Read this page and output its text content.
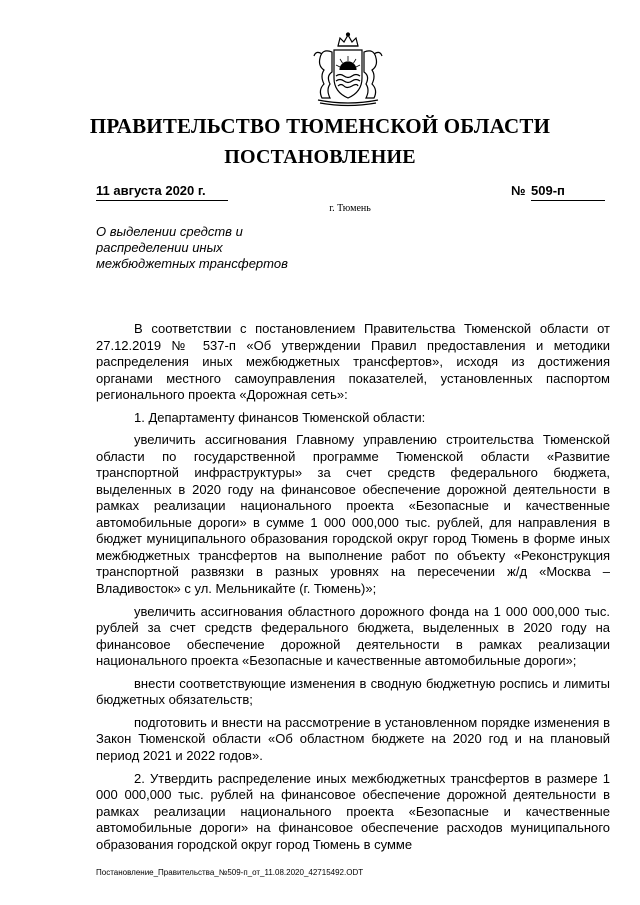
ПРАВИТЕЛЬСТВО ТЮМЕНСКОЙ ОБЛАСТИ
ПОСТАНОВЛЕНИЕ
11 августа 2020 г.	№ 509-п
г. Тюмень
О выделении средств и
распределении иных
межбюджетных трансфертов

В соответствии с постановлением Правительства Тюменской области от 27.12.2019 № 537-п «Об утверждении Правил предоставления и методики распределения иных межбюджетных трансфертов», исходя из достижения органами местного самоуправления показателей, установленных паспортом регионального проекта «Дорожная сеть»:

1. Департаменту финансов Тюменской области:

увеличить ассигнования Главному управлению строительства Тюменской области по государственной программе Тюменской области «Развитие транспортной инфраструктуры» за счет средств федерального бюджета, выделенных в 2020 году на финансовое обеспечение дорожной деятельности в рамках реализации национального проекта «Безопасные и качественные автомобильные дороги» в сумме 1 000 000,000 тыс. рублей, для направления в бюджет муниципального образования городской округ город Тюмень в форме иных межбюджетных трансфертов на выполнение работ по объекту «Реконструкция транспортной развязки в разных уровнях на пересечении ж/д «Москва – Владивосток» с ул. Мельникайте (г. Тюмень)»;

увеличить ассигнования областного дорожного фонда на 1 000 000,000 тыс. рублей за счет средств федерального бюджета, выделенных в 2020 году на финансовое обеспечение дорожной деятельности в рамках реализации национального проекта «Безопасные и качественные автомобильные дороги»;

внести соответствующие изменения в сводную бюджетную роспись и лимиты бюджетных обязательств;

подготовить и внести на рассмотрение в установленном порядке изменения в Закон Тюменской области «Об областном бюджете на 2020 год и на плановый период 2021 и 2022 годов».

2. Утвердить распределение иных межбюджетных трансфертов в размере 1 000 000,000 тыс. рублей на финансовое обеспечение дорожной деятельности в рамках реализации национального проекта «Безопасные и качественные автомобильные дороги» на финансовое обеспечение расходов муниципального образования городской округ город Тюмень в сумме

Постановление_Правительства_№509-п_от_11.08.2020_42715492.ODT
